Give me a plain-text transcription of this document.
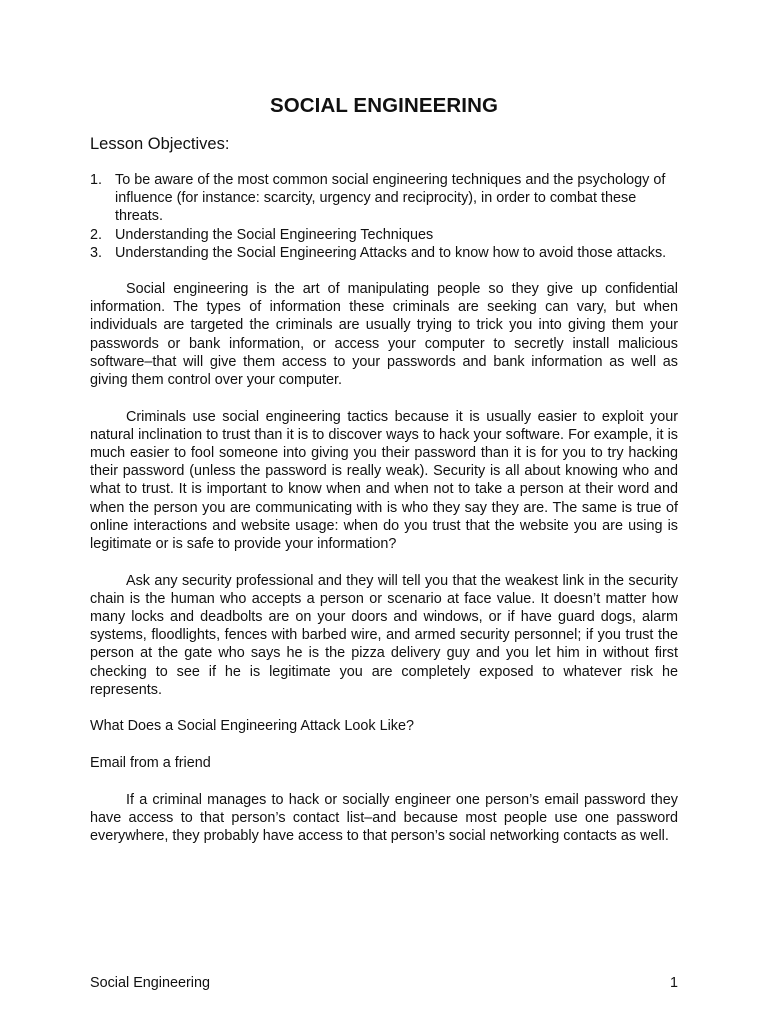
SOCIAL ENGINEERING
Lesson Objectives:
1. To be aware of the most common social engineering techniques and the psychology of influence (for instance: scarcity, urgency and reciprocity), in order to combat these threats.
2. Understanding the Social Engineering Techniques
3. Understanding the Social Engineering Attacks and to know how to avoid those attacks.

Social engineering is the art of manipulating people so they give up confidential information. The types of information these criminals are seeking can vary, but when individuals are targeted the criminals are usually trying to trick you into giving them your passwords or bank information, or access your computer to secretly install malicious software–that will give them access to your passwords and bank information as well as giving them control over your computer.

Criminals use social engineering tactics because it is usually easier to exploit your natural inclination to trust than it is to discover ways to hack your software. For example, it is much easier to fool someone into giving you their password than it is for you to try hacking their password (unless the password is really weak). Security is all about knowing who and what to trust. It is important to know when and when not to take a person at their word and when the person you are communicating with is who they say they are. The same is true of online interactions and website usage: when do you trust that the website you are using is legitimate or is safe to provide your information?

Ask any security professional and they will tell you that the weakest link in the security chain is the human who accepts a person or scenario at face value. It doesn’t matter how many locks and deadbolts are on your doors and windows, or if have guard dogs, alarm systems, floodlights, fences with barbed wire, and armed security personnel; if you trust the person at the gate who says he is the pizza delivery guy and you let him in without first checking to see if he is legitimate you are completely exposed to whatever risk he represents.

What Does a Social Engineering Attack Look Like?

Email from a friend

If a criminal manages to hack or socially engineer one person’s email password they have access to that person’s contact list–and because most people use one password everywhere, they probably have access to that person’s social networking contacts as well.

Social Engineering	1
